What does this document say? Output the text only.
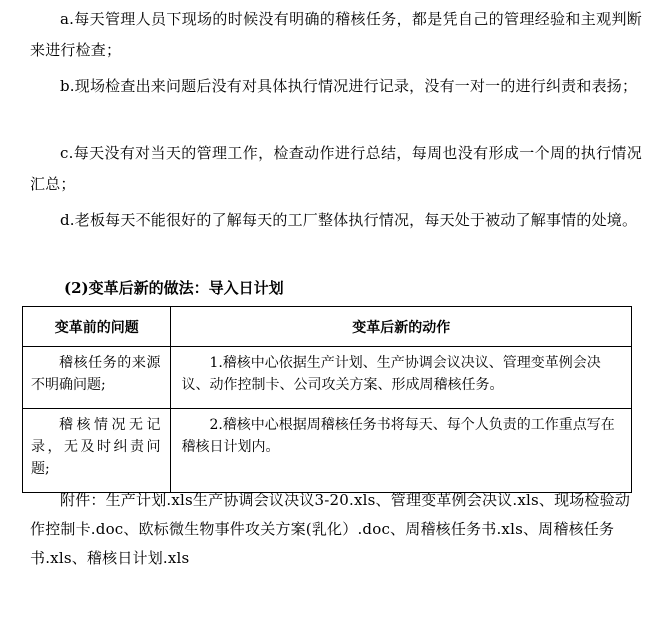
a.每天管理人员下现场的时候没有明确的稽核任务，都是凭自己的管理经验和主观判断来进行检查；
b.现场检查出来问题后没有对具体执行情况进行记录，没有一对一的进行纠责和表扬；
c.每天没有对当天的管理工作，检查动作进行总结，每周也没有形成一个周的执行情况汇总；
d.老板每天不能很好的了解每天的工厂整体执行情况，每天处于被动了解事情的处境。
(2)变革后新的做法：导入日计划
变革前的问题	变革后新的动作
稽核任务的来源不明确问题;	1.稽核中心依据生产计划、生产协调会议决议、管理变革例会决议、动作控制卡、公司攻关方案、形成周稽核任务。
稽核情况无记录，无及时纠责问题;	2.稽核中心根据周稽核任务书将每天、每个人负责的工作重点写在稽核日计划内。
附件：生产计划.xls生产协调会议决议3-20.xls、管理变革例会决议.xls、现场检验动作控制卡.doc、欧标微生物事件攻关方案(乳化）.doc、周稽核任务书.xls、周稽核任务书.xls、稽核日计划.xls
